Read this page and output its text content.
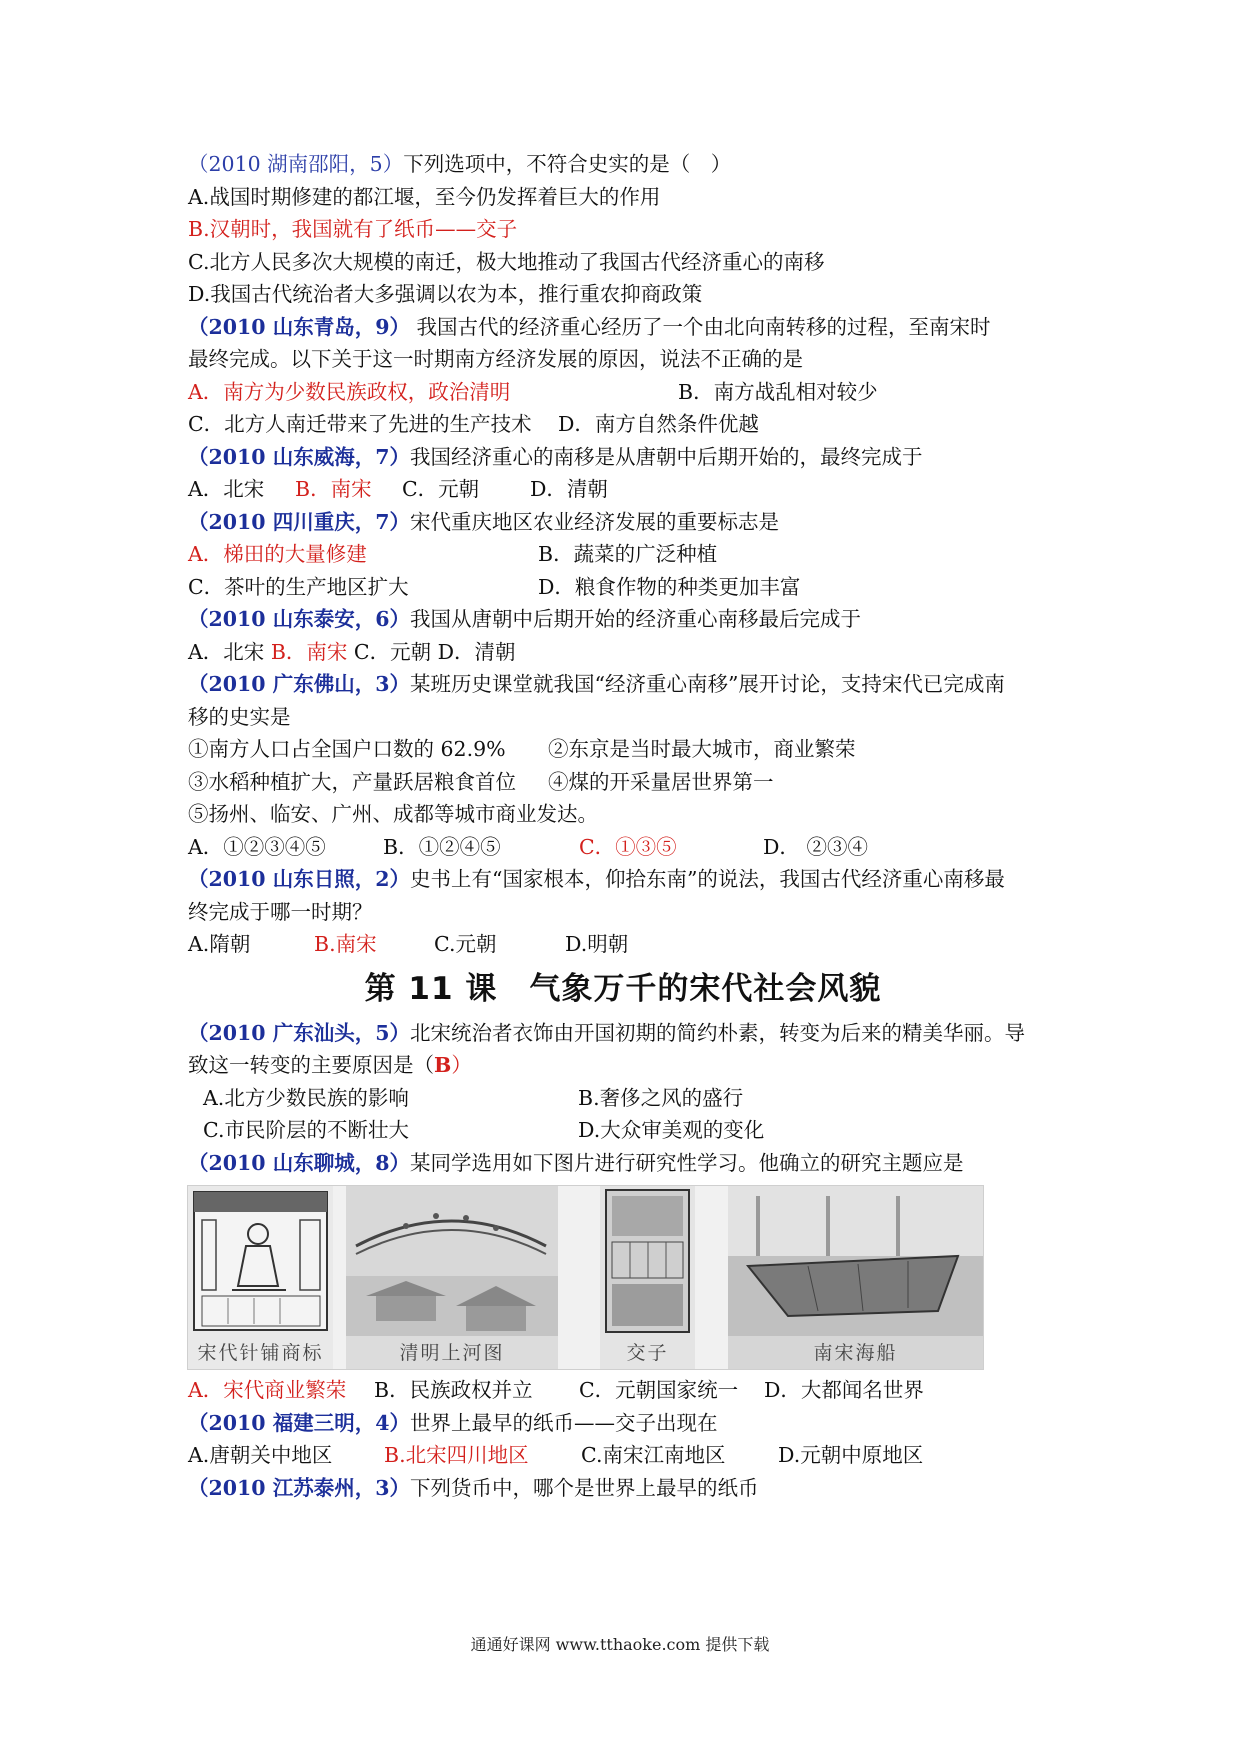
（2010 湖南邵阳，5）下列选项中，不符合史实的是（　）
A.战国时期修建的都江堰，至今仍发挥着巨大的作用
B.汉朝时，我国就有了纸币——交子
C.北方人民多次大规模的南迁，极大地推动了我国古代经济重心的南移
D.我国古代统治者大多强调以农为本，推行重农抑商政策
（2010 山东青岛，9） 我国古代的经济重心经历了一个由北向南转移的过程，至南宋时
最终完成。以下关于这一时期南方经济发展的原因，说法不正确的是
A．南方为少数民族政权，政治清明	B．南方战乱相对较少
C．北方人南迁带来了先进的生产技术	D．南方自然条件优越
（2010 山东威海，7）我国经济重心的南移是从唐朝中后期开始的，最终完成于
A．北宋	B．南宋	C．元朝	D．清朝
（2010 四川重庆，7）宋代重庆地区农业经济发展的重要标志是
A．梯田的大量修建	B．蔬菜的广泛种植
C．茶叶的生产地区扩大	D．粮食作物的种类更加丰富
（2010 山东泰安，6）我国从唐朝中后期开始的经济重心南移最后完成于
A．北宋 B．南宋 C．元朝 D．清朝
（2010 广东佛山，3）某班历史课堂就我国“经济重心南移”展开讨论，支持宋代已完成南
移的史实是
①南方人口占全国户口数的 62.9%	②东京是当时最大城市，商业繁荣
③水稻种植扩大，产量跃居粮食首位	④煤的开采量居世界第一
⑤扬州、临安、广州、成都等城市商业发达。
A．①②③④⑤	B．①②④⑤	C．①③⑤	D． ②③④
（2010 山东日照，2）史书上有“国家根本，仰拾东南”的说法，我国古代经济重心南移最
终完成于哪一时期？
A.隋朝	B.南宋	C.元朝	D.明朝
第 11 课　气象万千的宋代社会风貌
（2010 广东汕头，5）北宋统治者衣饰由开国初期的简约朴素，转变为后来的精美华丽。导
致这一转变的主要原因是（B）
A.北方少数民族的影响	B.奢侈之风的盛行
C.市民阶层的不断壮大	D.大众审美观的变化
（2010 山东聊城，8）某同学选用如下图片进行研究性学习。他确立的研究主题应是
宋代针铺商标	清明上河图	交子	南宋海船
A．宋代商业繁荣	B．民族政权并立	C．元朝国家统一	D．大都闻名世界
（2010 福建三明，4）世界上最早的纸币——交子出现在
A.唐朝关中地区	B.北宋四川地区	C.南宋江南地区	D.元朝中原地区
（2010 江苏泰州，3）下列货币中，哪个是世界上最早的纸币
通通好课网 www.tthaoke.com 提供下载
